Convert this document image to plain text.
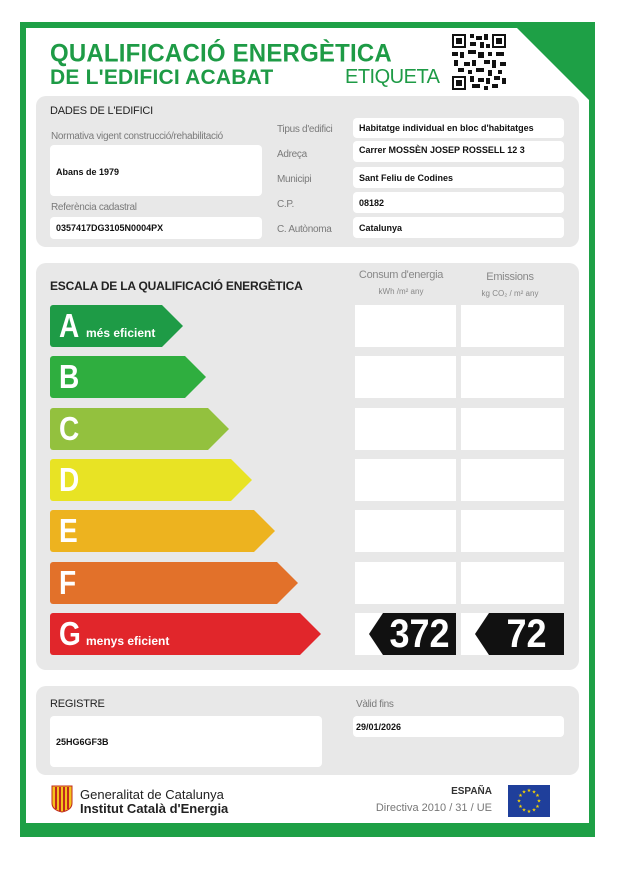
QUALIFICACIÓ ENERGÈTICA
DE L'EDIFICI ACABAT	ETIQUETA
DADES DE L'EDIFICI
Normativa vigent construcció/rehabilitació
Abans de 1979
Referència cadastral
0357417DG3105N0004PX
Tipus d'edifici	Habitatge individual en bloc d'habitatges
Adreça	Carrer MOSSÈN JOSEP ROSSELL 12 3
Municipi	Sant Feliu de Codines
C.P.	08182
C. Autònoma	Catalunya
ESCALA DE LA QUALIFICACIÓ ENERGÈTICA
Consum d'energia
kWh /m² any
Emissions
kg CO₂ / m² any
A més eficient
B
C
D
E
F
G menys eficient	372	72
REGISTRE
25HG6GF3B
Vàlid fins
29/01/2026
Generalitat de Catalunya
Institut Català d'Energia
ESPAÑA
Directiva 2010 / 31 / UE
★ ★
★
★
★
★
★
★
★
★
★
★
